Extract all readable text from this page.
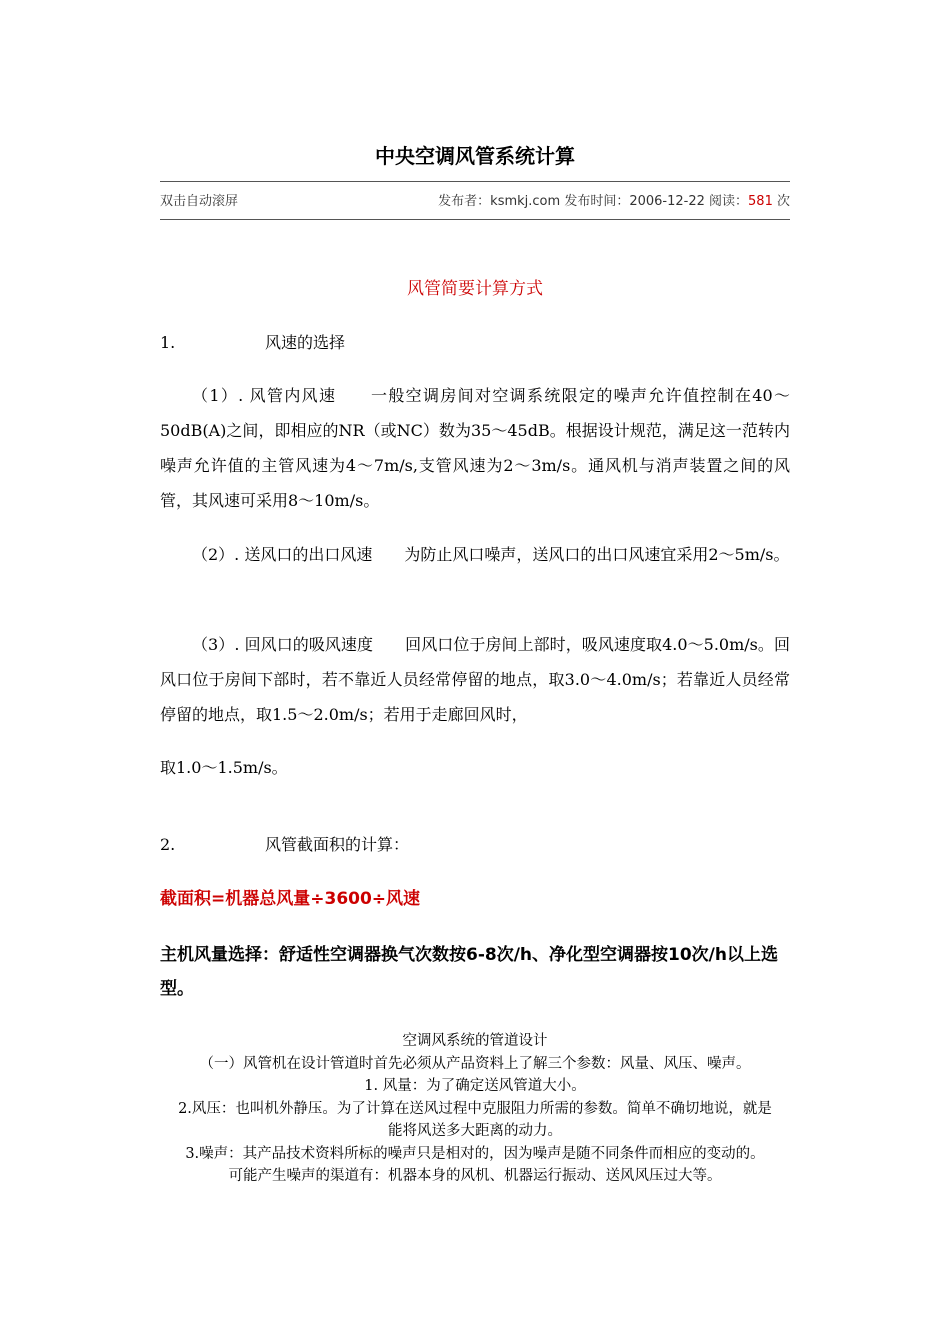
中央空调风管系统计算
双击自动滚屏	发布者：ksmkj.com 发布时间：2006-12-22 阅读：581 次
风管简要计算方式
1.	风速的选择

（1）. 风管内风速　　一般空调房间对空调系统限定的噪声允许值控制在40～50dB(A)之间，即相应的NR（或NC）数为35～45dB。根据设计规范，满足这一范转内噪声允许值的主管风速为4～7m/s,支管风速为2～3m/s。通风机与消声装置之间的风管，其风速可采用8～10m/s。

（2）. 送风口的出口风速　　为防止风口噪声，送风口的出口风速宜采用2～5m/s。

（3）. 回风口的吸风速度　　回风口位于房间上部时，吸风速度取4.0～5.0m/s。回风口位于房间下部时，若不靠近人员经常停留的地点，取3.0～4.0m/s；若靠近人员经常停留的地点，取1.5～2.0m/s；若用于走廊回风时，

取1.0～1.5m/s。
2.	风管截面积的计算：
截面积=机器总风量÷3600÷风速
主机风量选择：舒适性空调器换气次数按6-8次/h、净化型空调器按10次/h以上选型。
空调风系统的管道设计
（一）风管机在设计管道时首先必须从产品资料上了解三个参数：风量、风压、噪声。
1. 风量：为了确定送风管道大小。
2.风压：也叫机外静压。为了计算在送风过程中克服阻力所需的参数。简单不确切地说，就是
能将风送多大距离的动力。
3.噪声：其产品技术资料所标的噪声只是相对的，因为噪声是随不同条件而相应的变动的。
可能产生噪声的渠道有：机器本身的风机、机器运行振动、送风风压过大等。
